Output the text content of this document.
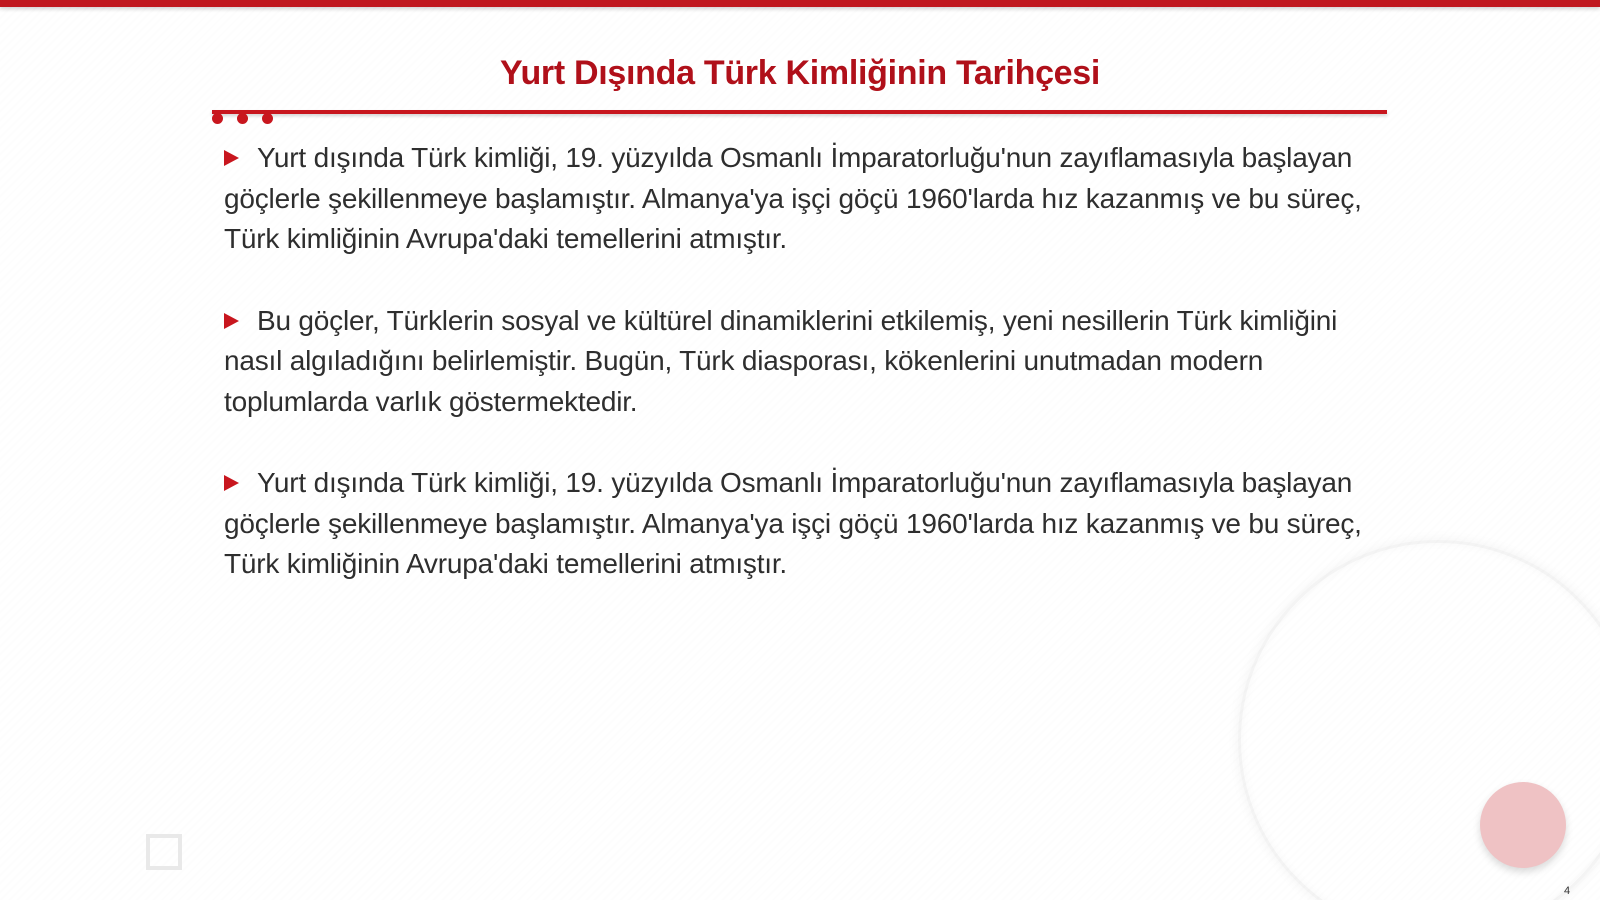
Yurt Dışında Türk Kimliğinin Tarihçesi

Yurt dışında Türk kimliği, 19. yüzyılda Osmanlı İmparatorluğu'nun zayıflamasıyla başlayan göçlerle şekillenmeye başlamıştır. Almanya'ya işçi göçü 1960'larda hız kazanmış ve bu süreç, Türk kimliğinin Avrupa'daki temellerini atmıştır.

Bu göçler, Türklerin sosyal ve kültürel dinamiklerini etkilemiş, yeni nesillerin Türk kimliğini nasıl algıladığını belirlemiştir. Bugün, Türk diasporası, kökenlerini unutmadan modern toplumlarda varlık göstermektedir.

Yurt dışında Türk kimliği, 19. yüzyılda Osmanlı İmparatorluğu'nun zayıflamasıyla başlayan göçlerle şekillenmeye başlamıştır. Almanya'ya işçi göçü 1960'larda hız kazanmış ve bu süreç, Türk kimliğinin Avrupa'daki temellerini atmıştır.

4
